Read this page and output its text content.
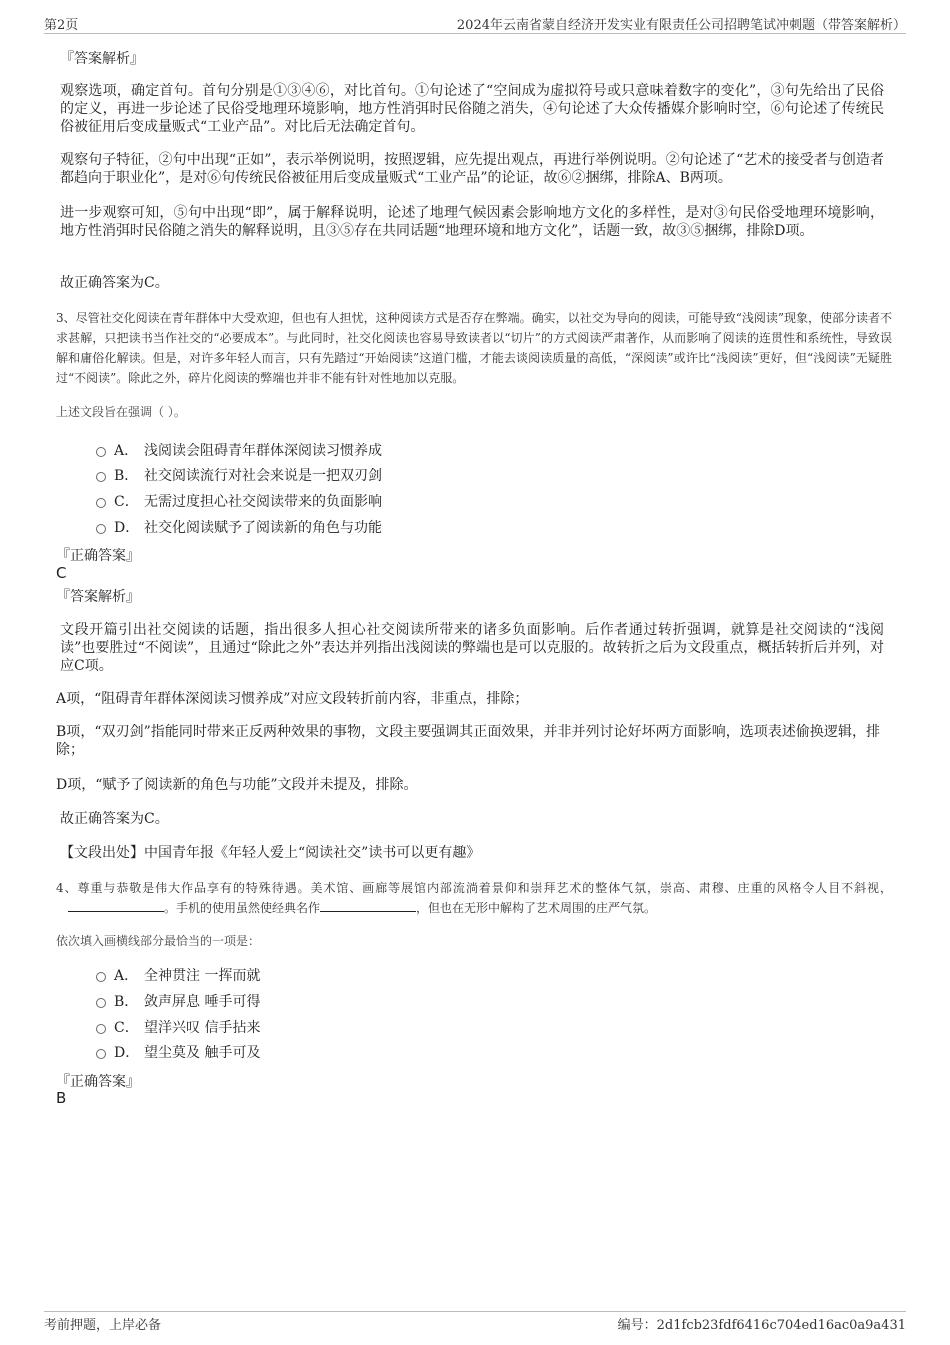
第2页	2024年云南省蒙自经济开发实业有限责任公司招聘笔试冲刺题（带答案解析）
『答案解析』
观察选项，确定首句。首句分别是①③④⑥，对比首句。①句论述了“空间成为虚拟符号或只意味着数字的变化”，③句先给出了民俗的定义，再进一步论述了民俗受地理环境影响，地方性消弭时民俗随之消失，④句论述了大众传播媒介影响时空，⑥句论述了传统民俗被征用后变成量贩式“工业产品”。对比后无法确定首句。
观察句子特征，②句中出现“正如”，表示举例说明，按照逻辑，应先提出观点，再进行举例说明。②句论述了“艺术的接受者与创造者都趋向于职业化”，是对⑥句传统民俗被征用后变成量贩式“工业产品”的论证，故⑥②捆绑，排除A、B两项。
进一步观察可知，⑤句中出现“即”，属于解释说明，论述了地理气候因素会影响地方文化的多样性，是对③句民俗受地理环境影响，地方性消弭时民俗随之消失的解释说明，且③⑤存在共同话题“地理环境和地方文化”，话题一致，故③⑤捆绑，排除D项。
故正确答案为C。
3、尽管社交化阅读在青年群体中大受欢迎，但也有人担忧，这种阅读方式是否存在弊端。确实，以社交为导向的阅读，可能导致“浅阅读”现象，使部分读者不求甚解，只把读书当作社交的“必要成本”。与此同时，社交化阅读也容易导致读者以“切片”的方式阅读严肃著作，从而影响了阅读的连贯性和系统性，导致误解和庸俗化解读。但是，对许多年轻人而言，只有先踏过“开始阅读”这道门槛，才能去谈阅读质量的高低，“深阅读”或许比“浅阅读”更好，但“浅阅读”无疑胜过“不阅读”。除此之外，碎片化阅读的弊端也并非不能有针对性地加以克服。
上述文段旨在强调（ ）。
A． 浅阅读会阻碍青年群体深阅读习惯养成
B． 社交阅读流行对社会来说是一把双刃剑
C． 无需过度担心社交阅读带来的负面影响
D． 社交化阅读赋予了阅读新的角色与功能
『正确答案』
C
『答案解析』
文段开篇引出社交阅读的话题，指出很多人担心社交阅读所带来的诸多负面影响。后作者通过转折强调，就算是社交阅读的“浅阅读”也要胜过“不阅读”，且通过“除此之外”表达并列指出浅阅读的弊端也是可以克服的。故转折之后为文段重点，概括转折后并列，对应C项。
A项，“阻碍青年群体深阅读习惯养成”对应文段转折前内容，非重点，排除；
B项，“双刃剑”指能同时带来正反两种效果的事物，文段主要强调其正面效果，并非并列讨论好坏两方面影响，选项表述偷换逻辑，排除；
D项，“赋予了阅读新的角色与功能”文段并未提及，排除。
故正确答案为C。
【文段出处】中国青年报《年轻人爱上“阅读社交”读书可以更有趣》
4、尊重与恭敬是伟大作品享有的特殊待遇。美术馆、画廊等展馆内部流淌着景仰和崇拜艺术的整体气氛，崇高、肃穆、庄重的风格令人目不斜视，。手机的使用虽然使经典名作	，但也在无形中解构了艺术周围的庄严气氛。
依次填入画横线部分最恰当的一项是：
A． 全神贯注 一挥而就
B． 敛声屏息 唾手可得
C． 望洋兴叹 信手拈来
D． 望尘莫及 触手可及
『正确答案』
B
考前押题，上岸必备	编号：2d1fcb23fdf6416c704ed16ac0a9a431
